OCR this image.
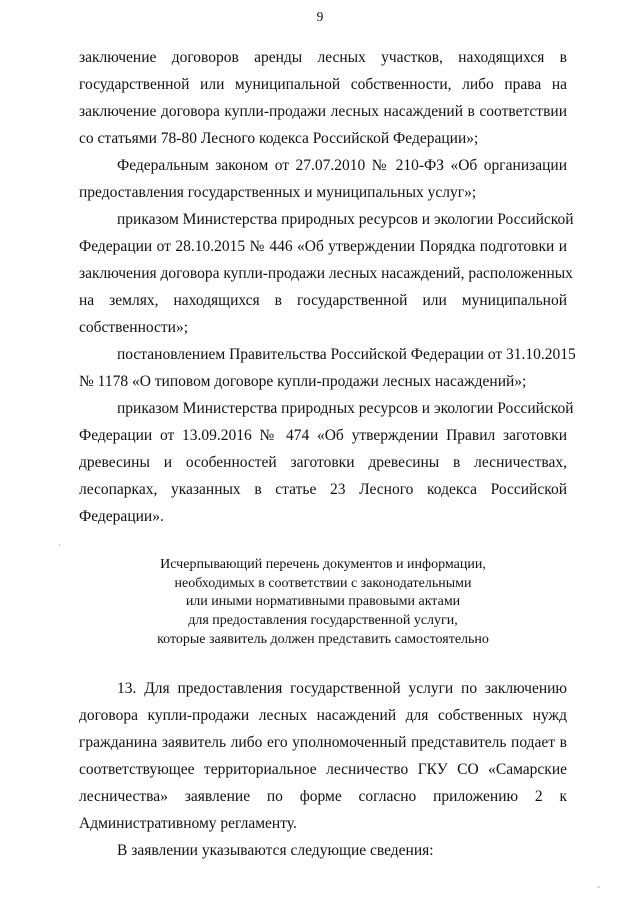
9
заключение договоров аренды лесных участков, находящихся в
государственной или муниципальной собственности, либо права на
заключение договора купли-продажи лесных насаждений в соответствии
со статьями 78-80 Лесного кодекса Российской Федерации»;
Федеральным законом от 27.07.2010 № 210-ФЗ «Об организации
предоставления государственных и муниципальных услуг»;
приказом Министерства природных ресурсов и экологии Российской
Федерации от 28.10.2015 № 446 «Об утверждении Порядка подготовки и
заключения договора купли-продажи лесных насаждений, расположенных
на землях, находящихся в государственной или муниципальной
собственности»;
постановлением Правительства Российской Федерации от 31.10.2015
№ 1178 «О типовом договоре купли-продажи лесных насаждений»;
приказом Министерства природных ресурсов и экологии Российской
Федерации от 13.09.2016 № 474 «Об утверждении Правил заготовки
древесины и особенностей заготовки древесины в лесничествах,
лесопарках, указанных в статье 23 Лесного кодекса Российской
Федерации».
Исчерпывающий перечень документов и информации,
необходимых в соответствии с законодательными
или иными нормативными правовыми актами
для предоставления государственной услуги,
которые заявитель должен представить самостоятельно
13. Для предоставления государственной услуги по заключению
договора купли-продажи лесных насаждений для собственных нужд
гражданина заявитель либо его уполномоченный представитель подает в
соответствующее территориальное лесничество ГКУ СО «Самарские
лесничества» заявление по форме согласно приложению 2 к
Административному регламенту.
В заявлении указываются следующие сведения:
·
˷
